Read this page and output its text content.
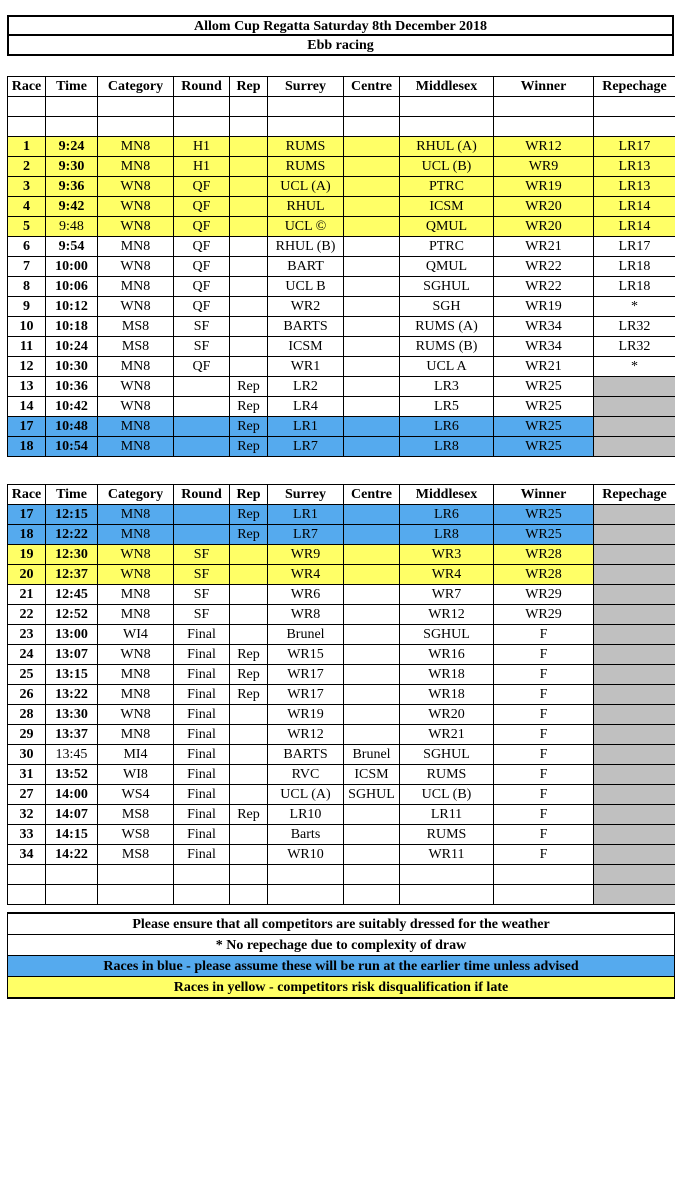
Allom Cup Regatta Saturday 8th December 2018
Ebb racing
Race	Time	Category	Round	Rep	Surrey	Centre	Middlesex	Winner	Repechage

1	9:24	MN8	H1		RUMS		RHUL (A)	WR12	LR17
2	9:30	MN8	H1		RUMS		UCL (B)	WR9	LR13
3	9:36	WN8	QF		UCL (A)		PTRC	WR19	LR13
4	9:42	WN8	QF		RHUL		ICSM	WR20	LR14
5	9:48	WN8	QF		UCL ©		QMUL	WR20	LR14
6	9:54	MN8	QF		RHUL (B)		PTRC	WR21	LR17
7	10:00	WN8	QF		BART		QMUL	WR22	LR18
8	10:06	MN8	QF		UCL B		SGHUL	WR22	LR18
9	10:12	WN8	QF		WR2		SGH	WR19	*
10	10:18	MS8	SF		BARTS		RUMS (A)	WR34	LR32
11	10:24	MS8	SF		ICSM		RUMS (B)	WR34	LR32
12	10:30	MN8	QF		WR1		UCL A	WR21	*
13	10:36	WN8		Rep	LR2		LR3	WR25	
14	10:42	WN8		Rep	LR4		LR5	WR25	
17	10:48	MN8		Rep	LR1		LR6	WR25	
18	10:54	MN8		Rep	LR7		LR8	WR25	
Race	Time	Category	Round	Rep	Surrey	Centre	Middlesex	Winner	Repechage
17	12:15	MN8		Rep	LR1		LR6	WR25	
18	12:22	MN8		Rep	LR7		LR8	WR25	
19	12:30	WN8	SF		WR9		WR3	WR28	
20	12:37	WN8	SF		WR4		WR4	WR28	
21	12:45	MN8	SF		WR6		WR7	WR29	
22	12:52	MN8	SF		WR8		WR12	WR29	
23	13:00	WI4	Final		Brunel		SGHUL	F	
24	13:07	WN8	Final	Rep	WR15		WR16	F	
25	13:15	MN8	Final	Rep	WR17		WR18	F	
26	13:22	MN8	Final	Rep	WR17		WR18	F	
28	13:30	WN8	Final		WR19		WR20	F	
29	13:37	MN8	Final		WR12		WR21	F	
30	13:45	MI4	Final		BARTS	Brunel	SGHUL	F	
31	13:52	WI8	Final		RVC	ICSM	RUMS	F	
27	14:00	WS4	Final		UCL (A)	SGHUL	UCL (B)	F	
32	14:07	MS8	Final	Rep	LR10		LR11	F	
33	14:15	WS8	Final		Barts		RUMS	F	
34	14:22	MS8	Final		WR10		WR11	F	

Please ensure that all competitors are suitably dressed for the weather
* No repechage due to complexity of draw
Races in blue - please assume these will be run at the earlier time unless advised
Races in yellow - competitors risk disqualification if late
